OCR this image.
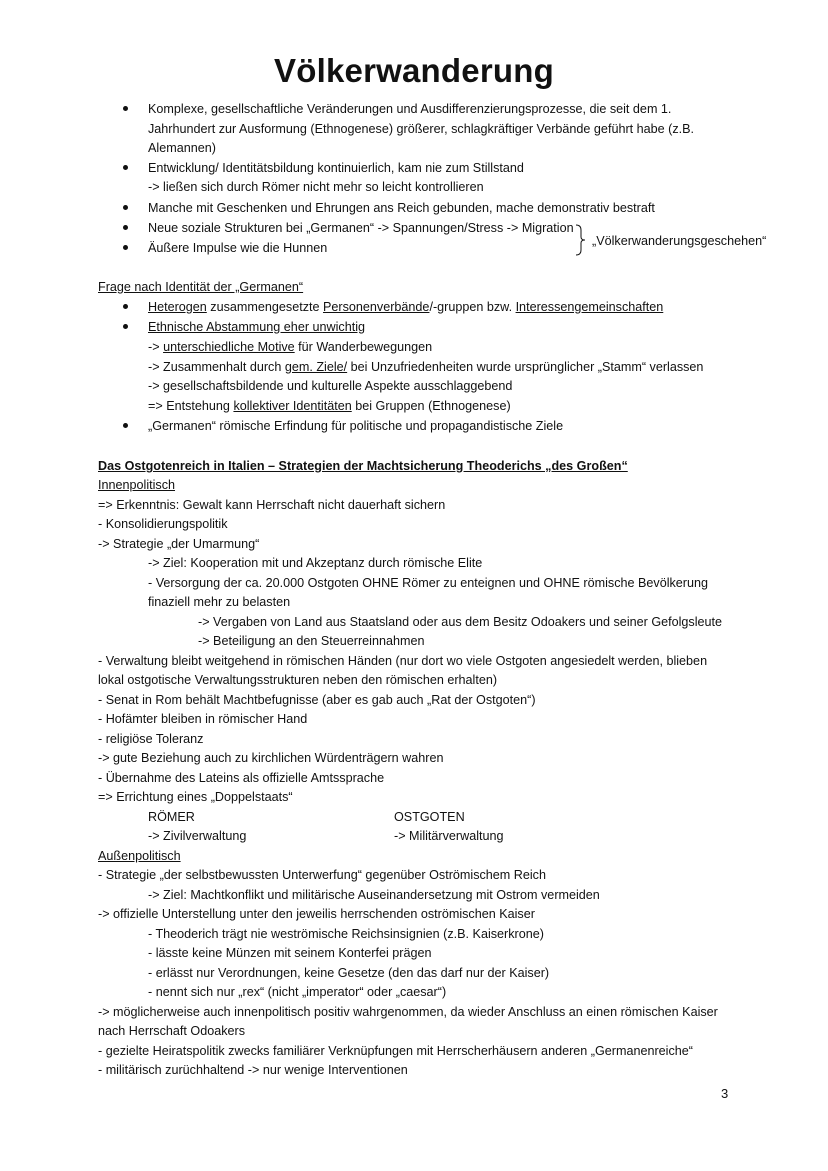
Völkerwanderung
Komplexe, gesellschaftliche Veränderungen und Ausdifferenzierungsprozesse, die seit dem 1.
Jahrhundert zur Ausformung (Ethnogenese) größerer, schlagkräftiger Verbände geführt habe (z.B.
Alemannen)
Entwicklung/ Identitätsbildung kontinuierlich, kam nie zum Stillstand
-> ließen sich durch Römer nicht mehr so leicht kontrollieren
Manche mit Geschenken und Ehrungen ans Reich gebunden, mache demonstrativ bestraft
Neue soziale Strukturen bei „Germanen“ -> Spannungen/Stress -> Migration
Äußere Impulse wie die Hunnen	„Völkerwanderungsgeschehen“
Frage nach Identität der „Germanen“
Heterogen zusammengesetzte Personenverbände/-gruppen bzw. Interessengemeinschaften
Ethnische Abstammung eher unwichtig
-> unterschiedliche Motive für Wanderbewegungen
-> Zusammenhalt durch gem. Ziele/ bei Unzufriedenheiten wurde ursprünglicher „Stamm“ verlassen
-> gesellschaftsbildende und kulturelle Aspekte ausschlaggebend
=> Entstehung kollektiver Identitäten bei Gruppen (Ethnogenese)
„Germanen“ römische Erfindung für politische und propagandistische Ziele
Das Ostgotenreich in Italien – Strategien der Machtsicherung Theoderichs „des Großen“
Innenpolitisch
=> Erkenntnis: Gewalt kann Herrschaft nicht dauerhaft sichern
- Konsolidierungspolitik
-> Strategie „der Umarmung“
-> Ziel: Kooperation mit und Akzeptanz durch römische Elite
- Versorgung der ca. 20.000 Ostgoten OHNE Römer zu enteignen und OHNE römische Bevölkerung
finaziell mehr zu belasten
-> Vergaben von Land aus Staatsland oder aus dem Besitz Odoakers und seiner Gefolgsleute
-> Beteiligung an den Steuerreinnahmen
- Verwaltung bleibt weitgehend in römischen Händen (nur dort wo viele Ostgoten angesiedelt werden, blieben
lokal ostgotische Verwaltungsstrukturen neben den römischen erhalten)
- Senat in Rom behält Machtbefugnisse (aber es gab auch „Rat der Ostgoten“)
- Hofämter bleiben in römischer Hand
- religiöse Toleranz
-> gute Beziehung auch zu kirchlichen Würdenträgern wahren
- Übernahme des Lateins als offizielle Amtssprache
=> Errichtung eines „Doppelstaats“
RÖMER	OSTGOTEN
-> Zivilverwaltung	-> Militärverwaltung
Außenpolitisch
- Strategie „der selbstbewussten Unterwerfung“ gegenüber Oströmischem Reich
-> Ziel: Machtkonflikt und militärische Auseinandersetzung mit Ostrom vermeiden
-> offizielle Unterstellung unter den jeweilis herrschenden oströmischen Kaiser
- Theoderich trägt nie weströmische Reichsinsignien (z.B. Kaiserkrone)
- lässte keine Münzen mit seinem Konterfei prägen
- erlässt nur Verordnungen, keine Gesetze (den das darf nur der Kaiser)
- nennt sich nur „rex“ (nicht „imperator“ oder „caesar“)
-> möglicherweise auch innenpolitisch positiv wahrgenommen, da wieder Anschluss an einen römischen Kaiser
nach Herrschaft Odoakers
- gezielte Heiratspolitik zwecks familiärer Verknüpfungen mit Herrscherhäusern anderen „Germanenreiche“
- militärisch zurüchhaltend -> nur wenige Interventionen
3
